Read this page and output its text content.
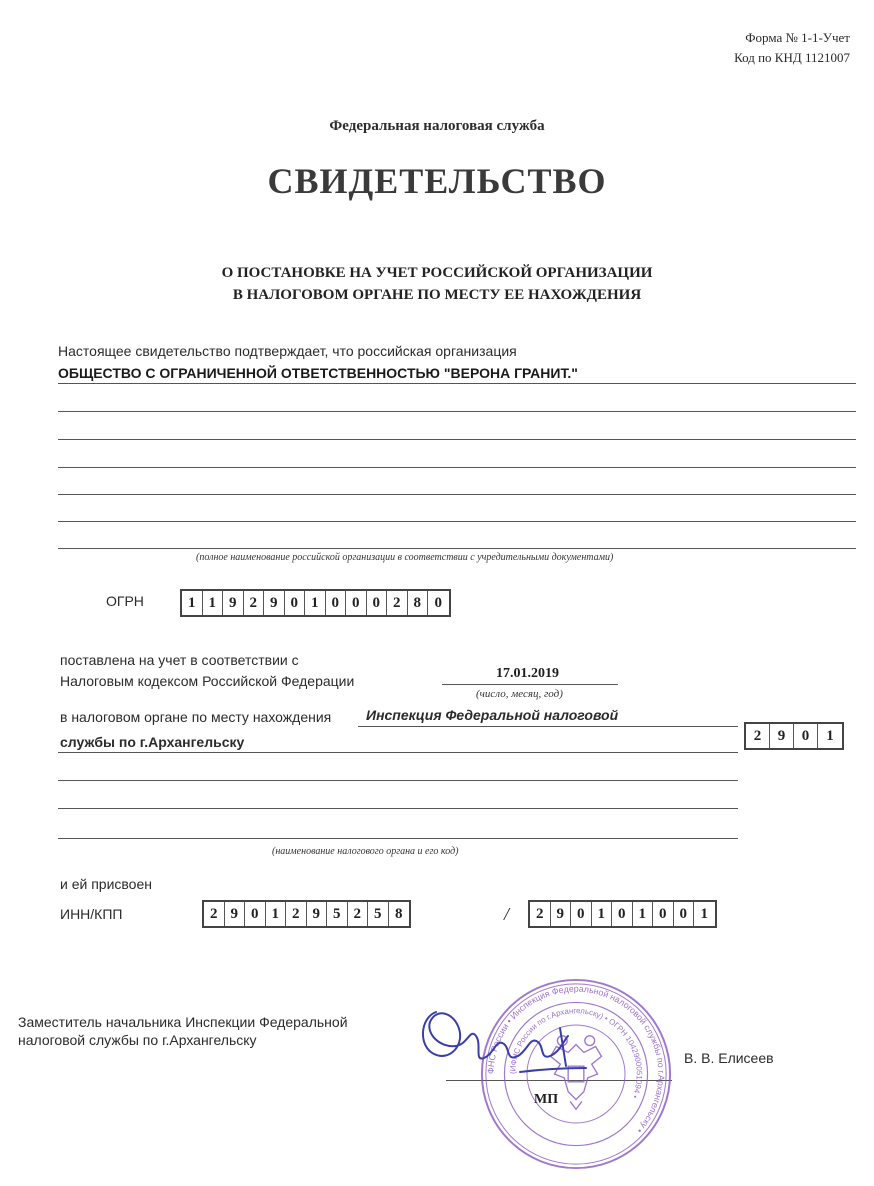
Форма № 1-1-Учет
Код по КНД 1121007
Федеральная налоговая служба
СВИДЕТЕЛЬСТВО
О ПОСТАНОВКЕ НА УЧЕТ РОССИЙСКОЙ ОРГАНИЗАЦИИ
В НАЛОГОВОМ ОРГАНЕ ПО МЕСТУ ЕЕ НАХОЖДЕНИЯ
Настоящее свидетельство подтверждает, что российская организация
ОБЩЕСТВО С ОГРАНИЧЕННОЙ ОТВЕТСТВЕННОСТЬЮ "ВЕРОНА ГРАНИТ."
(полное наименование российской организации в соответствии с учредительными документами)
ОГРН	1 1 9 2 9 0 1 0 0 0 2 8 0
поставлена на учет в соответствии с
Налоговым кодексом Российской Федерации	17.01.2019
(число, месяц, год)
в налоговом органе по месту нахождения Инспекция Федеральной налоговой
службы по г.Архангельску	2	9	0	1
(наименование налогового органа и его код)
и ей присвоен
ИНН/КПП	2 9 0 1 2 9 5 2 5 8	/	2 9 0 1 0 1 0 0 1
Заместитель начальника Инспекции Федеральной
налоговой службы по г.Архангельску
В. В. Елисеев
ФНС России • Инспекция Федеральной налоговой службы по г.Архангельску •
(ИФНС России по г.Архангельску) • ОГРН 1042900051094 •
МП
